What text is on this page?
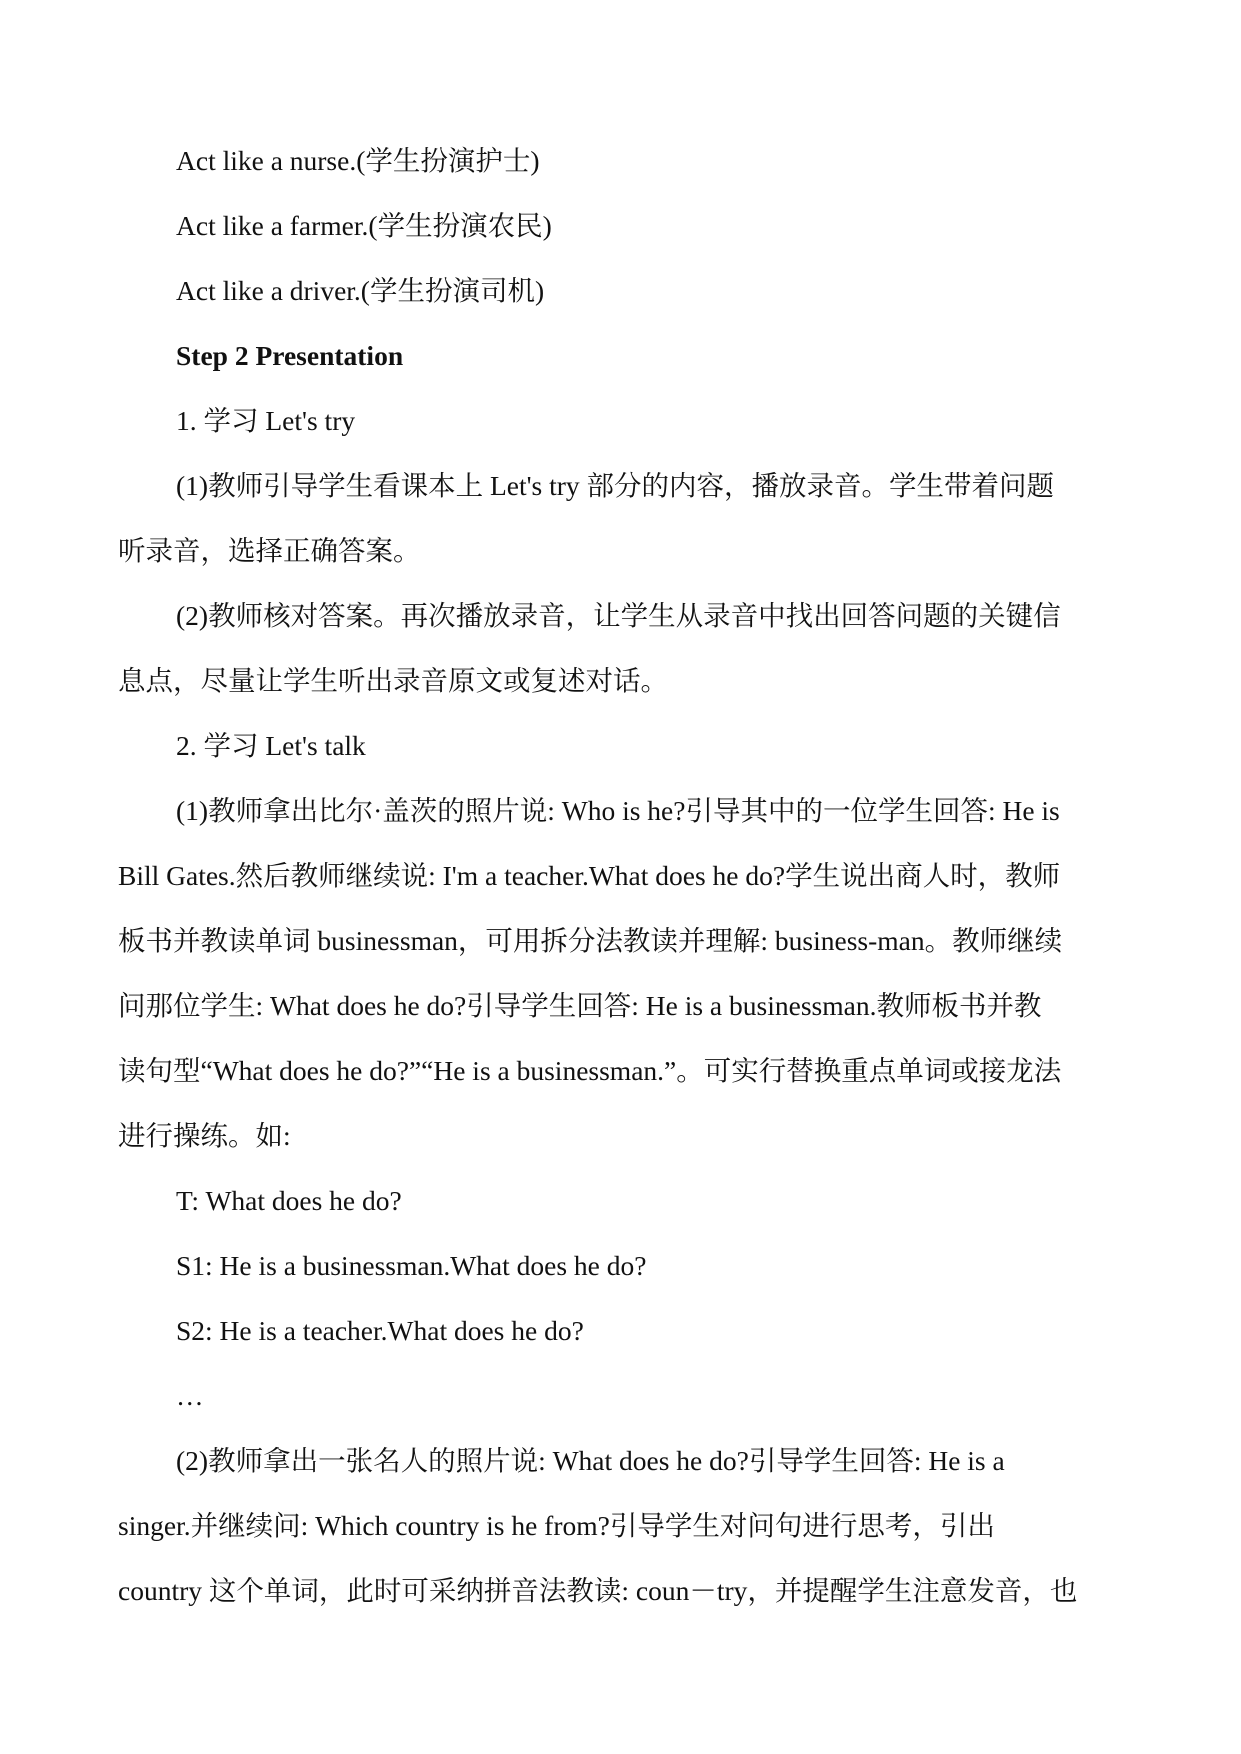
Act like a nurse.(学生扮演护士)

Act like a farmer.(学生扮演农民)

Act like a driver.(学生扮演司机)

Step 2 Presentation

1. 学习 Let's try

(1)教师引导学生看课本上 Let's try 部分的内容，播放录音。学生带着问题
听录音，选择正确答案。
(2)教师核对答案。再次播放录音，让学生从录音中找出回答问题的关键信
息点，尽量让学生听出录音原文或复述对话。

2. 学习 Let's talk

(1)教师拿出比尔·盖茨的照片说: Who is he?引导其中的一位学生回答: He is
Bill Gates.然后教师继续说: I'm a teacher.What does he do?学生说出商人时，教师
板书并教读单词 businessman，可用拆分法教读并理解: business-man。教师继续
问那位学生: What does he do?引导学生回答: He is a businessman.教师板书并教
读句型“What does he do?”“He is a businessman.”。可实行替换重点单词或接龙法
进行操练。如:

T: What does he do?

S1: He is a businessman.What does he do?

S2: He is a teacher.What does he do?

…

(2)教师拿出一张名人的照片说: What does he do?引导学生回答: He is a
singer.并继续问: Which country is he from?引导学生对问句进行思考，引出
country 这个单词，此时可采纳拼音法教读: coun－try，并提醒学生注意发音，也
